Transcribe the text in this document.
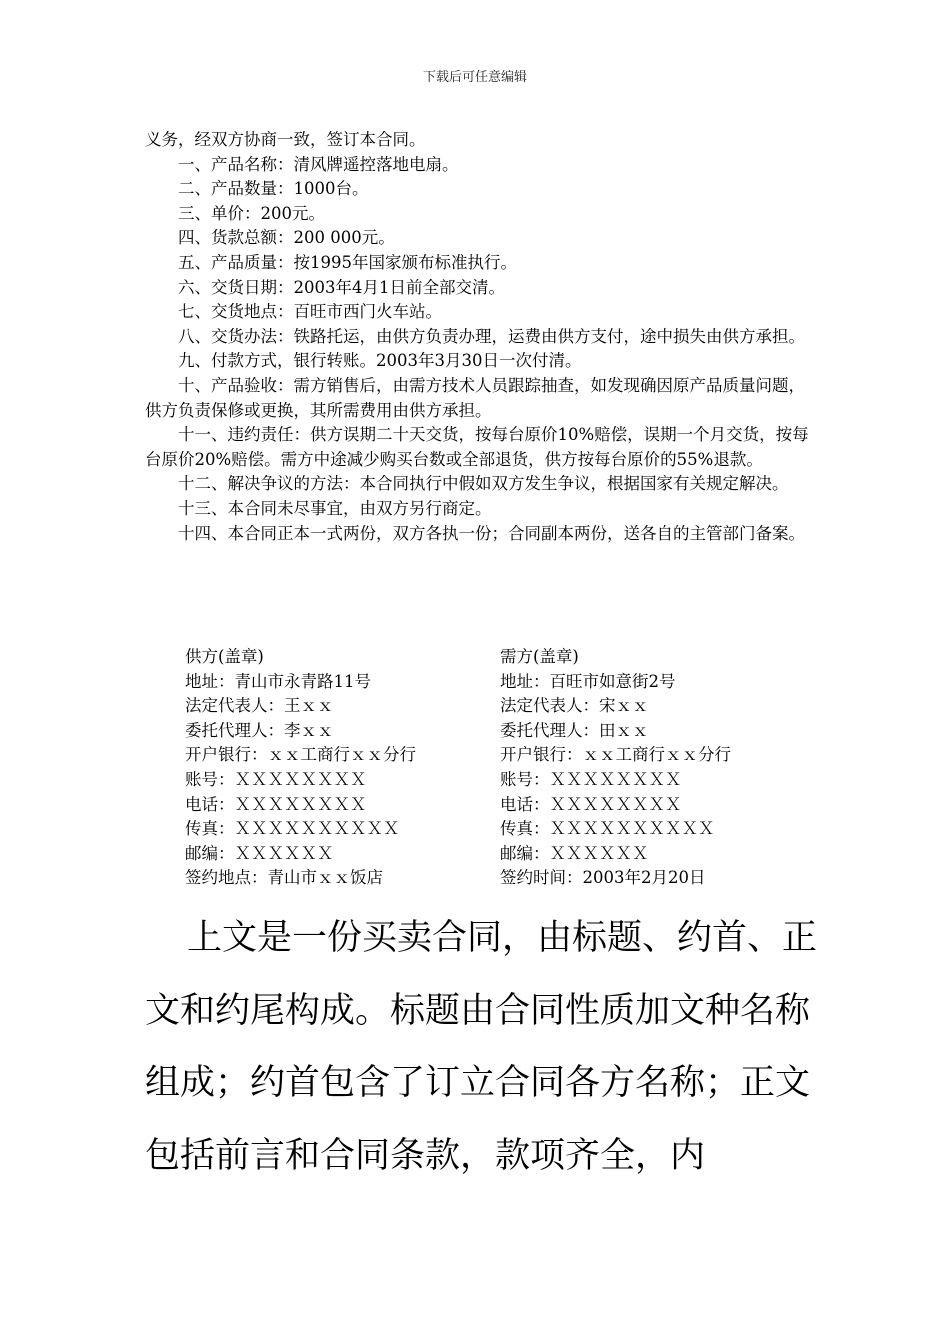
下载后可任意编辑

义务，经双方协商一致，签订本合同。

一、产品名称：清风牌遥控落地电扇。

二、产品数量：1000台。

三、单价：200元。

四、货款总额：200 000元。

五、产品质量：按1995年国家颁布标准执行。

六、交货日期：2003年4月1日前全部交清。

七、交货地点：百旺市西门火车站。

八、交货办法：铁路托运，由供方负责办理，运费由供方支付，途中损失由供方承担。

九、付款方式，银行转账。2003年3月30日一次付清。

十、产品验收：需方销售后，由需方技术人员跟踪抽查，如发现确因原产品质量问题，供方负责保修或更换，其所需费用由供方承担。

十一、违约责任：供方误期二十天交货，按每台原价10%赔偿，误期一个月交货，按每台原价20%赔偿。需方中途减少购买台数或全部退货，供方按每台原价的55%退款。

十二、解决争议的方法：本合同执行中假如双方发生争议，根据国家有关规定解决。

十三、本合同未尽事宜，由双方另行商定。

十四、本合同正本一式两份，双方各执一份；合同副本两份，送各自的主管部门备案。

供方(盖章)	需方(盖章)
地址：青山市永青路11号	地址：百旺市如意街2号
法定代表人：王ｘｘ	法定代表人：宋ｘｘ
委托代理人：李ｘｘ	委托代理人：田ｘｘ
开户银行：ｘｘ工商行ｘｘ分行	开户银行：ｘｘ工商行ｘｘ分行
账号：ＸＸＸＸＸＸＸＸ	账号：ＸＸＸＸＸＸＸＸ
电话：ＸＸＸＸＸＸＸＸ	电话：ＸＸＸＸＸＸＸＸ
传真：ＸＸＸＸＸＸＸＸＸＸ	传真：ＸＸＸＸＸＸＸＸＸＸ
邮编：ＸＸＸＸＸＸ	邮编：ＸＸＸＸＸＸ
签约地点：青山市ｘｘ饭店	签约时间：2003年2月20日

上文是一份买卖合同，由标题、约首、正文和约尾构成。标题由合同性质加文种名称组成；约首包含了订立合同各方名称；正文包括前言和合同条款，款项齐全，内
